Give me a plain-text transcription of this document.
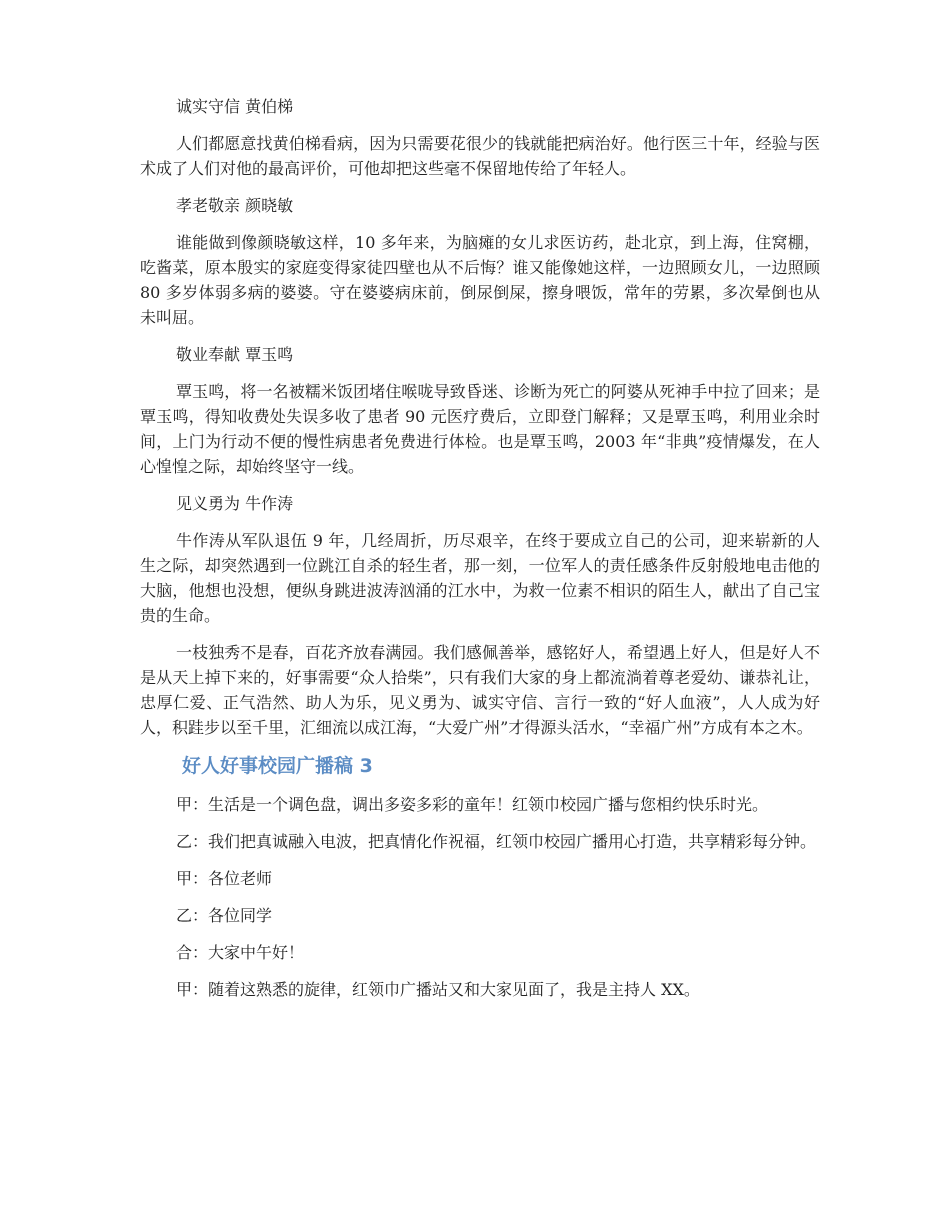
诚实守信 黄伯梯

人们都愿意找黄伯梯看病，因为只需要花很少的钱就能把病治好。他行医三十年，经验与医术成了人们对他的最高评价，可他却把这些毫不保留地传给了年轻人。

孝老敬亲 颜晓敏

谁能做到像颜晓敏这样，10 多年来，为脑瘫的女儿求医访药，赴北京，到上海，住窝棚，吃酱菜，原本殷实的家庭变得家徒四壁也从不后悔？谁又能像她这样，一边照顾女儿，一边照顾 80 多岁体弱多病的婆婆。守在婆婆病床前，倒尿倒屎，擦身喂饭，常年的劳累，多次晕倒也从未叫屈。

敬业奉献 覃玉鸣

覃玉鸣，将一名被糯米饭团堵住喉咙导致昏迷、诊断为死亡的阿婆从死神手中拉了回来；是覃玉鸣，得知收费处失误多收了患者 90 元医疗费后，立即登门解释；又是覃玉鸣，利用业余时间，上门为行动不便的慢性病患者免费进行体检。也是覃玉鸣，2003 年“非典”疫情爆发，在人心惶惶之际，却始终坚守一线。

见义勇为 牛作涛

牛作涛从军队退伍 9 年，几经周折，历尽艰辛，在终于要成立自己的公司，迎来崭新的人生之际，却突然遇到一位跳江自杀的轻生者，那一刻，一位军人的责任感条件反射般地电击他的大脑，他想也没想，便纵身跳进波涛汹涌的江水中，为救一位素不相识的陌生人，献出了自己宝贵的生命。

一枝独秀不是春，百花齐放春满园。我们感佩善举，感铭好人，希望遇上好人，但是好人不是从天上掉下来的，好事需要“众人拾柴”，只有我们大家的身上都流淌着尊老爱幼、谦恭礼让，忠厚仁爱、正气浩然、助人为乐，见义勇为、诚实守信、言行一致的“好人血液”，人人成为好人，积跬步以至千里，汇细流以成江海，“大爱广州”才得源头活水，“幸福广州”方成有本之木。

好人好事校园广播稿 3

甲：生活是一个调色盘，调出多姿多彩的童年！红领巾校园广播与您相约快乐时光。

乙：我们把真诚融入电波，把真情化作祝福，红领巾校园广播用心打造，共享精彩每分钟。

甲：各位老师

乙：各位同学

合：大家中午好！

甲：随着这熟悉的旋律，红领巾广播站又和大家见面了，我是主持人 XX。
